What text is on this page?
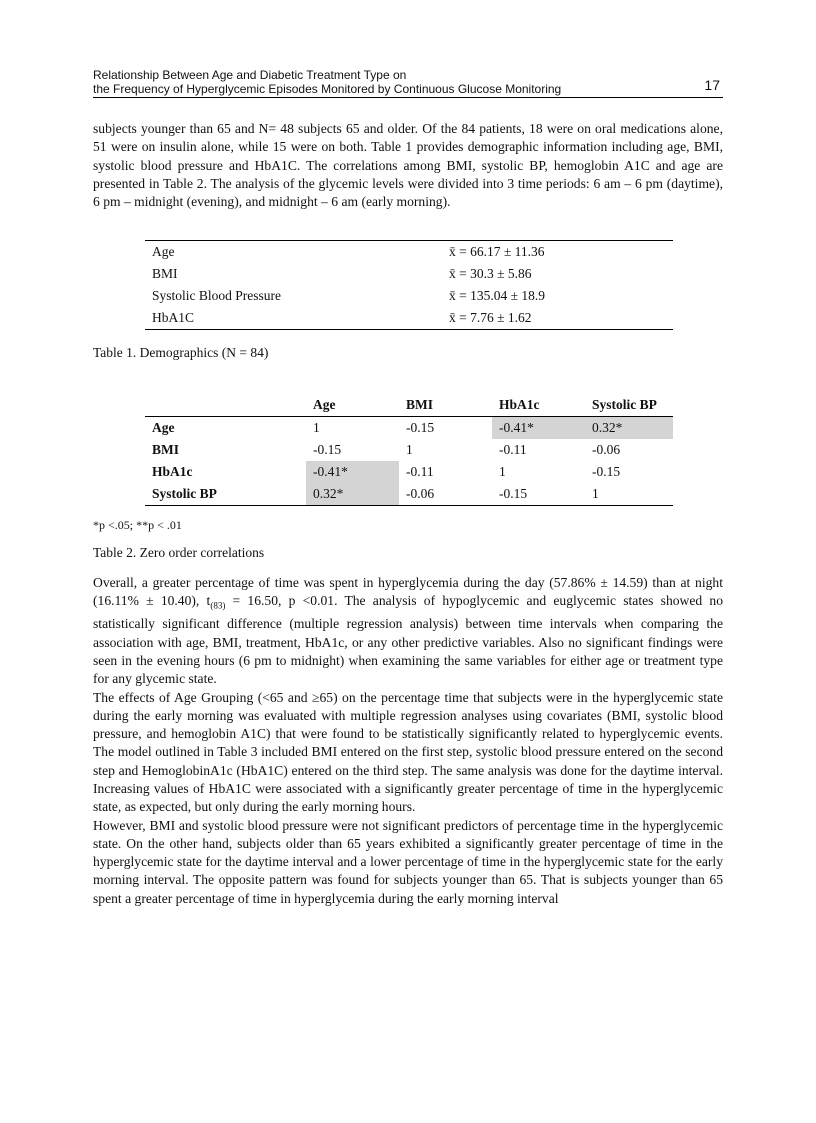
Relationship Between Age and Diabetic Treatment Type on
the Frequency of Hyperglycemic Episodes Monitored by Continuous Glucose Monitoring	17

subjects younger than 65 and N= 48 subjects 65 and older. Of the 84 patients, 18 were on oral medications alone, 51 were on insulin alone, while 15 were on both. Table 1 provides demographic information including age, BMI, systolic blood pressure and HbA1C. The correlations among BMI, systolic BP, hemoglobin A1C and age are presented in Table 2. The analysis of the glycemic levels were divided into 3 time periods: 6 am – 6 pm (daytime), 6 pm – midnight (evening), and midnight – 6 am (early morning).

Age	x̄ = 66.17 ± 11.36
BMI	x̄ = 30.3 ± 5.86
Systolic Blood Pressure	x̄ = 135.04 ± 18.9
HbA1C	x̄ = 7.76 ± 1.62
Table 1. Demographics (N = 84)
	Age	BMI	HbA1c	Systolic BP
Age	1	-0.15	-0.41*	0.32*
BMI	-0.15	1	-0.11	-0.06
HbA1c	-0.41*	-0.11	1	-0.15
Systolic BP	0.32*	-0.06	-0.15	1
*p <.05; **p < .01
Table 2. Zero order correlations

Overall, a greater percentage of time was spent in hyperglycemia during the day (57.86% ± 14.59) than at night (16.11% ± 10.40), $t_{(83)} = 16.50$, p <0.01. The analysis of hypoglycemic and euglycemic states showed no statistically significant difference (multiple regression analysis) between time intervals when comparing the association with age, BMI, treatment, HbA1c, or any other predictive variables. Also no significant findings were seen in the evening hours (6 pm to midnight) when examining the same variables for either age or treatment type for any glycemic state.

The effects of Age Grouping (<65 and ≥65) on the percentage time that subjects were in the hyperglycemic state during the early morning was evaluated with multiple regression analyses using covariates (BMI, systolic blood pressure, and hemoglobin A1C) that were found to be statistically significantly related to hyperglycemic events. The model outlined in Table 3 included BMI entered on the first step, systolic blood pressure entered on the second step and HemoglobinA1c (HbA1C) entered on the third step. The same analysis was done for the daytime interval. Increasing values of HbA1C were associated with a significantly greater percentage of time in the hyperglycemic state, as expected, but only during the early morning hours.

However, BMI and systolic blood pressure were not significant predictors of percentage time in the hyperglycemic state. On the other hand, subjects older than 65 years exhibited a significantly greater percentage of time in the hyperglycemic state for the daytime interval and a lower percentage of time in the hyperglycemic state for the early morning interval. The opposite pattern was found for subjects younger than 65. That is subjects younger than 65 spent a greater percentage of time in hyperglycemia during the early morning interval
